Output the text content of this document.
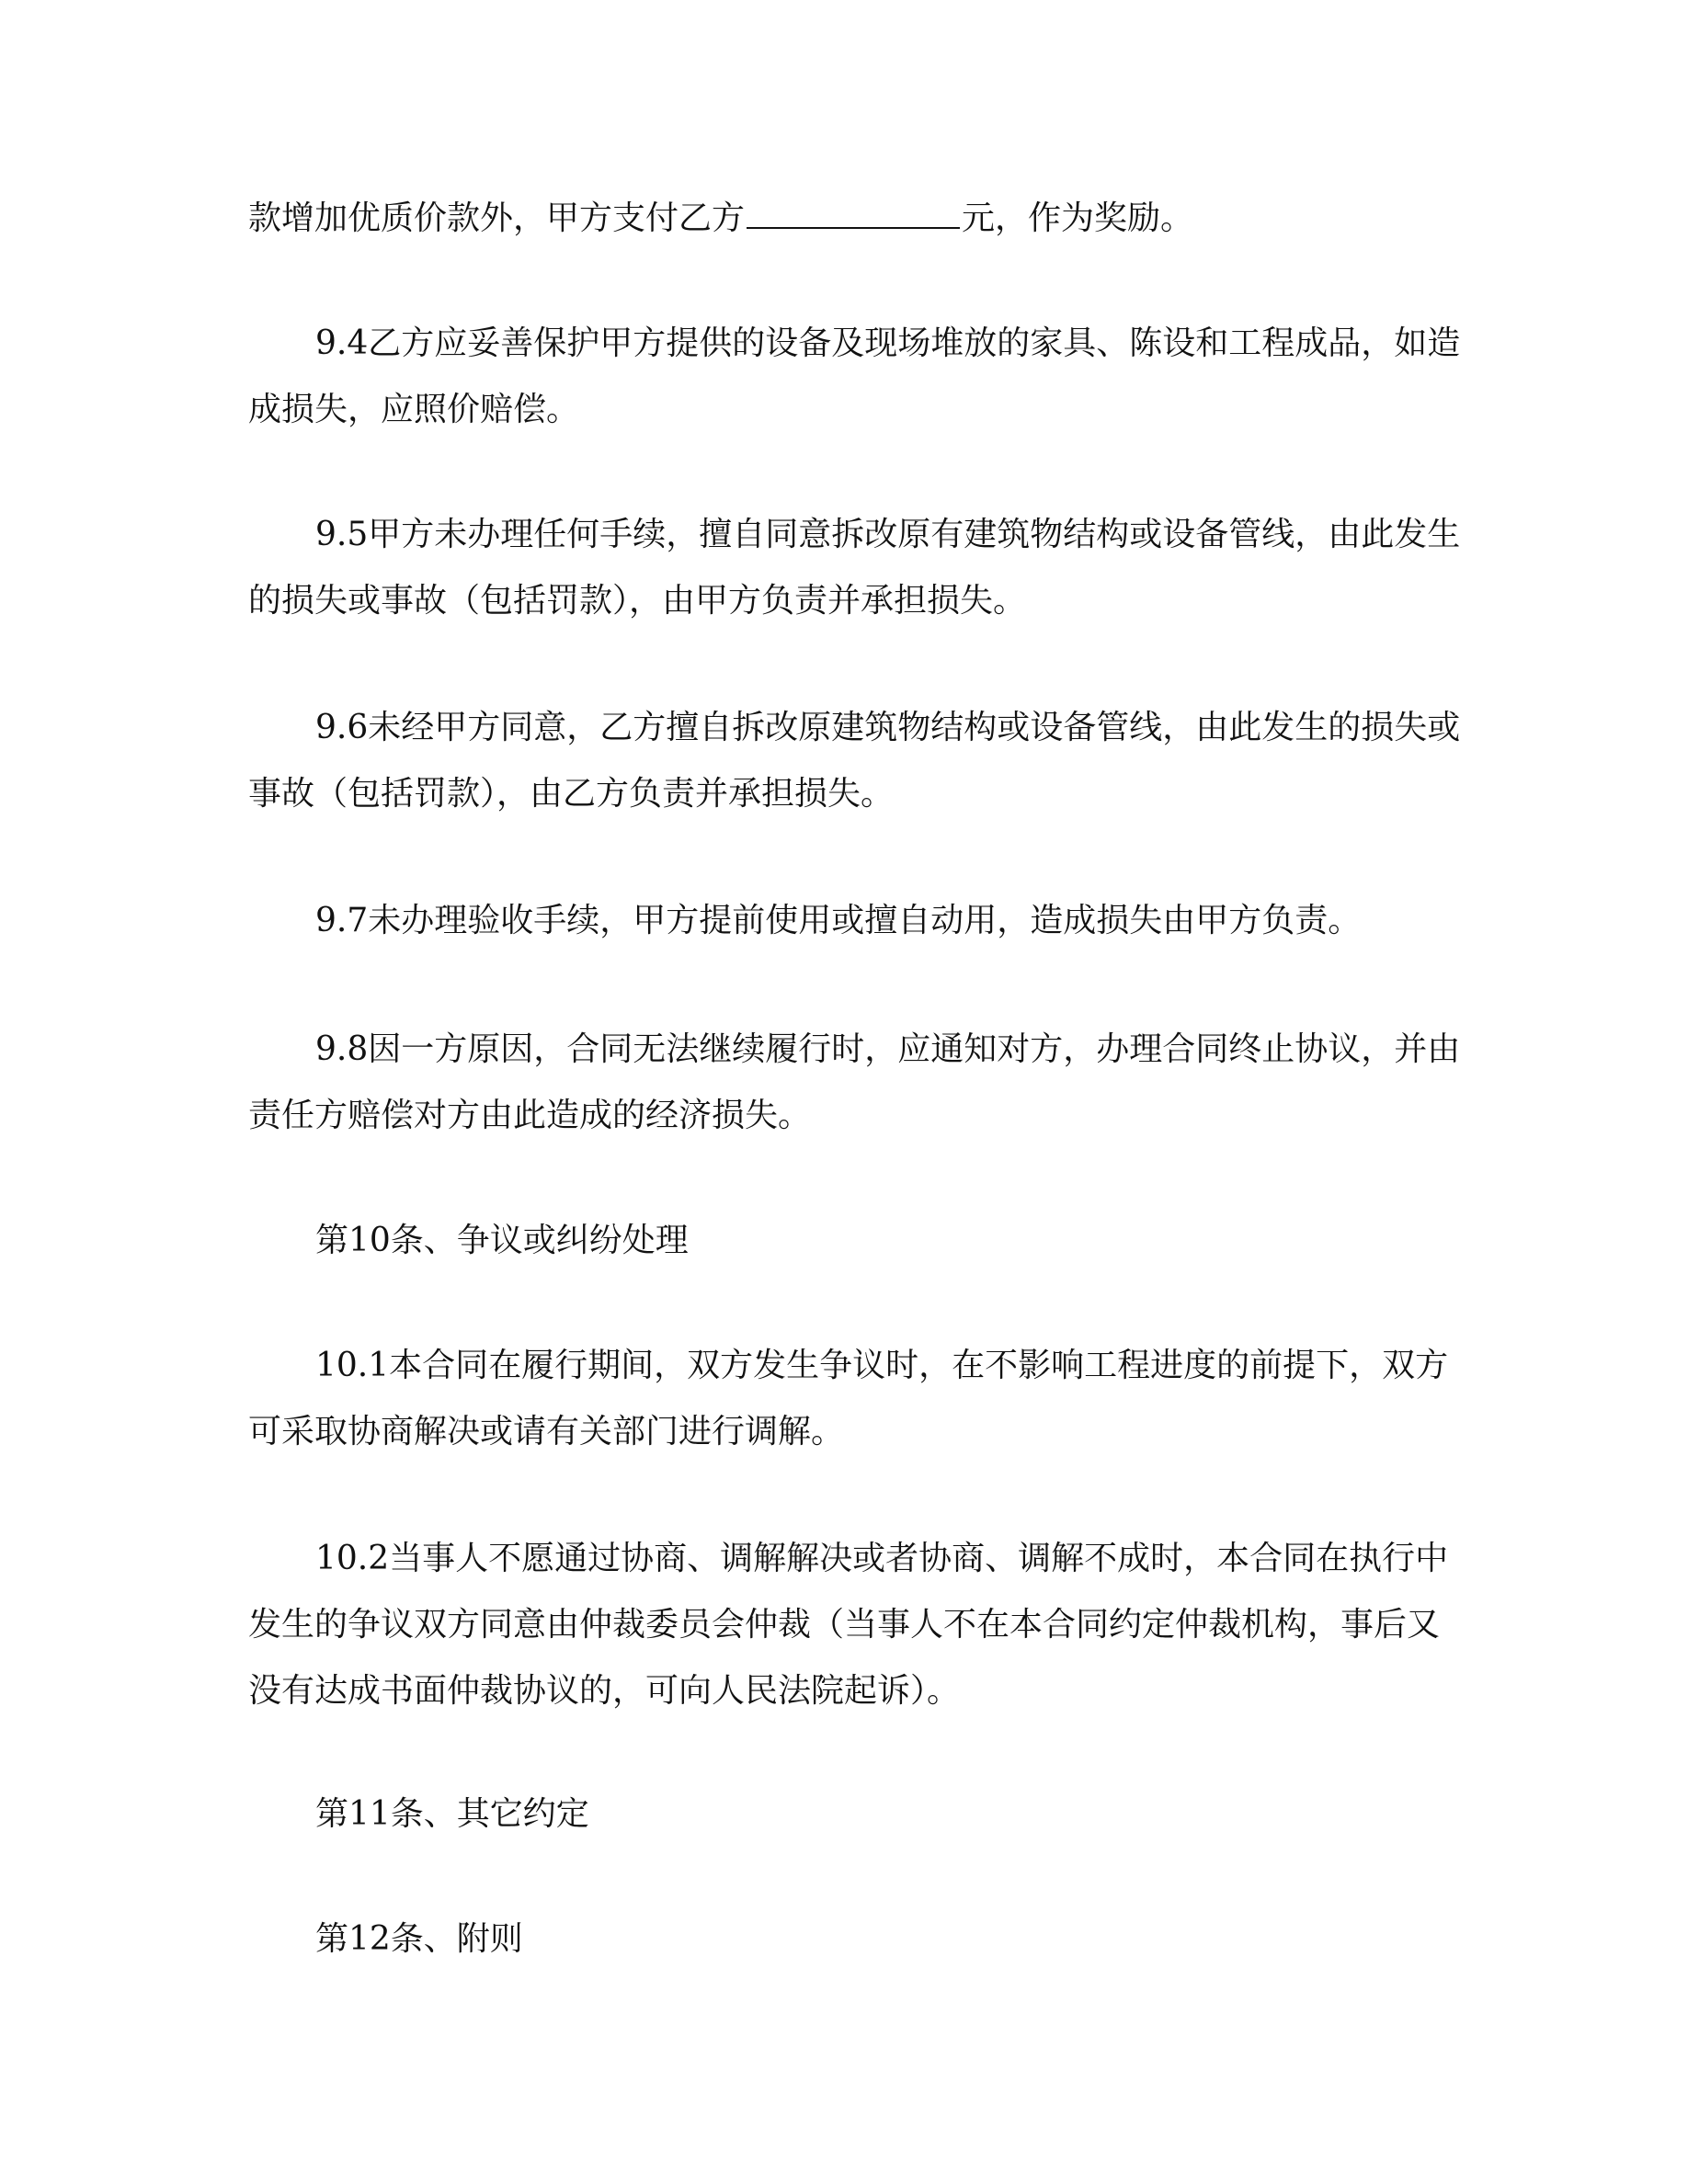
款增加优质价款外，甲方支付乙方	元，作为奖励。
9.4乙方应妥善保护甲方提供的设备及现场堆放的家具、陈设和工程成品，如造
成损失，应照价赔偿。
9.5甲方未办理任何手续，擅自同意拆改原有建筑物结构或设备管线，由此发生
的损失或事故（包括罚款），由甲方负责并承担损失。
9.6未经甲方同意，乙方擅自拆改原建筑物结构或设备管线，由此发生的损失或
事故（包括罚款），由乙方负责并承担损失。
9.7未办理验收手续，甲方提前使用或擅自动用，造成损失由甲方负责。
9.8因一方原因，合同无法继续履行时，应通知对方，办理合同终止协议，并由
责任方赔偿对方由此造成的经济损失。
第10条、争议或纠纷处理
10.1本合同在履行期间，双方发生争议时，在不影响工程进度的前提下，双方
可采取协商解决或请有关部门进行调解。
10.2当事人不愿通过协商、调解解决或者协商、调解不成时，本合同在执行中
发生的争议双方同意由仲裁委员会仲裁（当事人不在本合同约定仲裁机构，事后又
没有达成书面仲裁协议的，可向人民法院起诉）。
第11条、其它约定
第12条、附则
